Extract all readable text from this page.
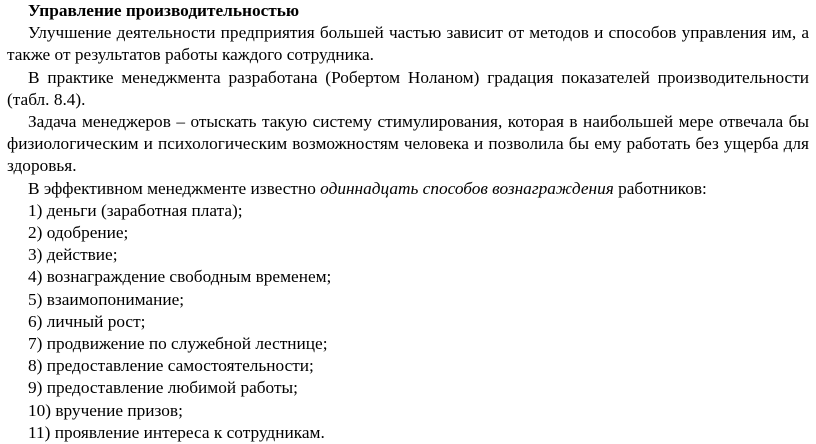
Управление производительностью

Улучшение деятельности предприятия большей частью зависит от методов и способов управления им, а также от результатов работы каждого сотрудника.

В практике менеджмента разработана (Робертом Ноланом) градация показателей производительности (табл. 8.4).

Задача менеджеров – отыскать такую систему стимулирования, которая в наибольшей мере отвечала бы физиологическим и психологическим возможностям человека и позволила бы ему работать без ущерба для здоровья.

В эффективном менеджменте известно одиннадцать способов вознаграждения работников:

1) деньги (заработная плата);
2) одобрение;
3) действие;
4) вознаграждение свободным временем;
5) взаимопонимание;
6) личный рост;
7) продвижение по служебной лестнице;
8) предоставление самостоятельности;
9) предоставление любимой работы;
10) вручение призов;
11) проявление интереса к сотрудникам.
